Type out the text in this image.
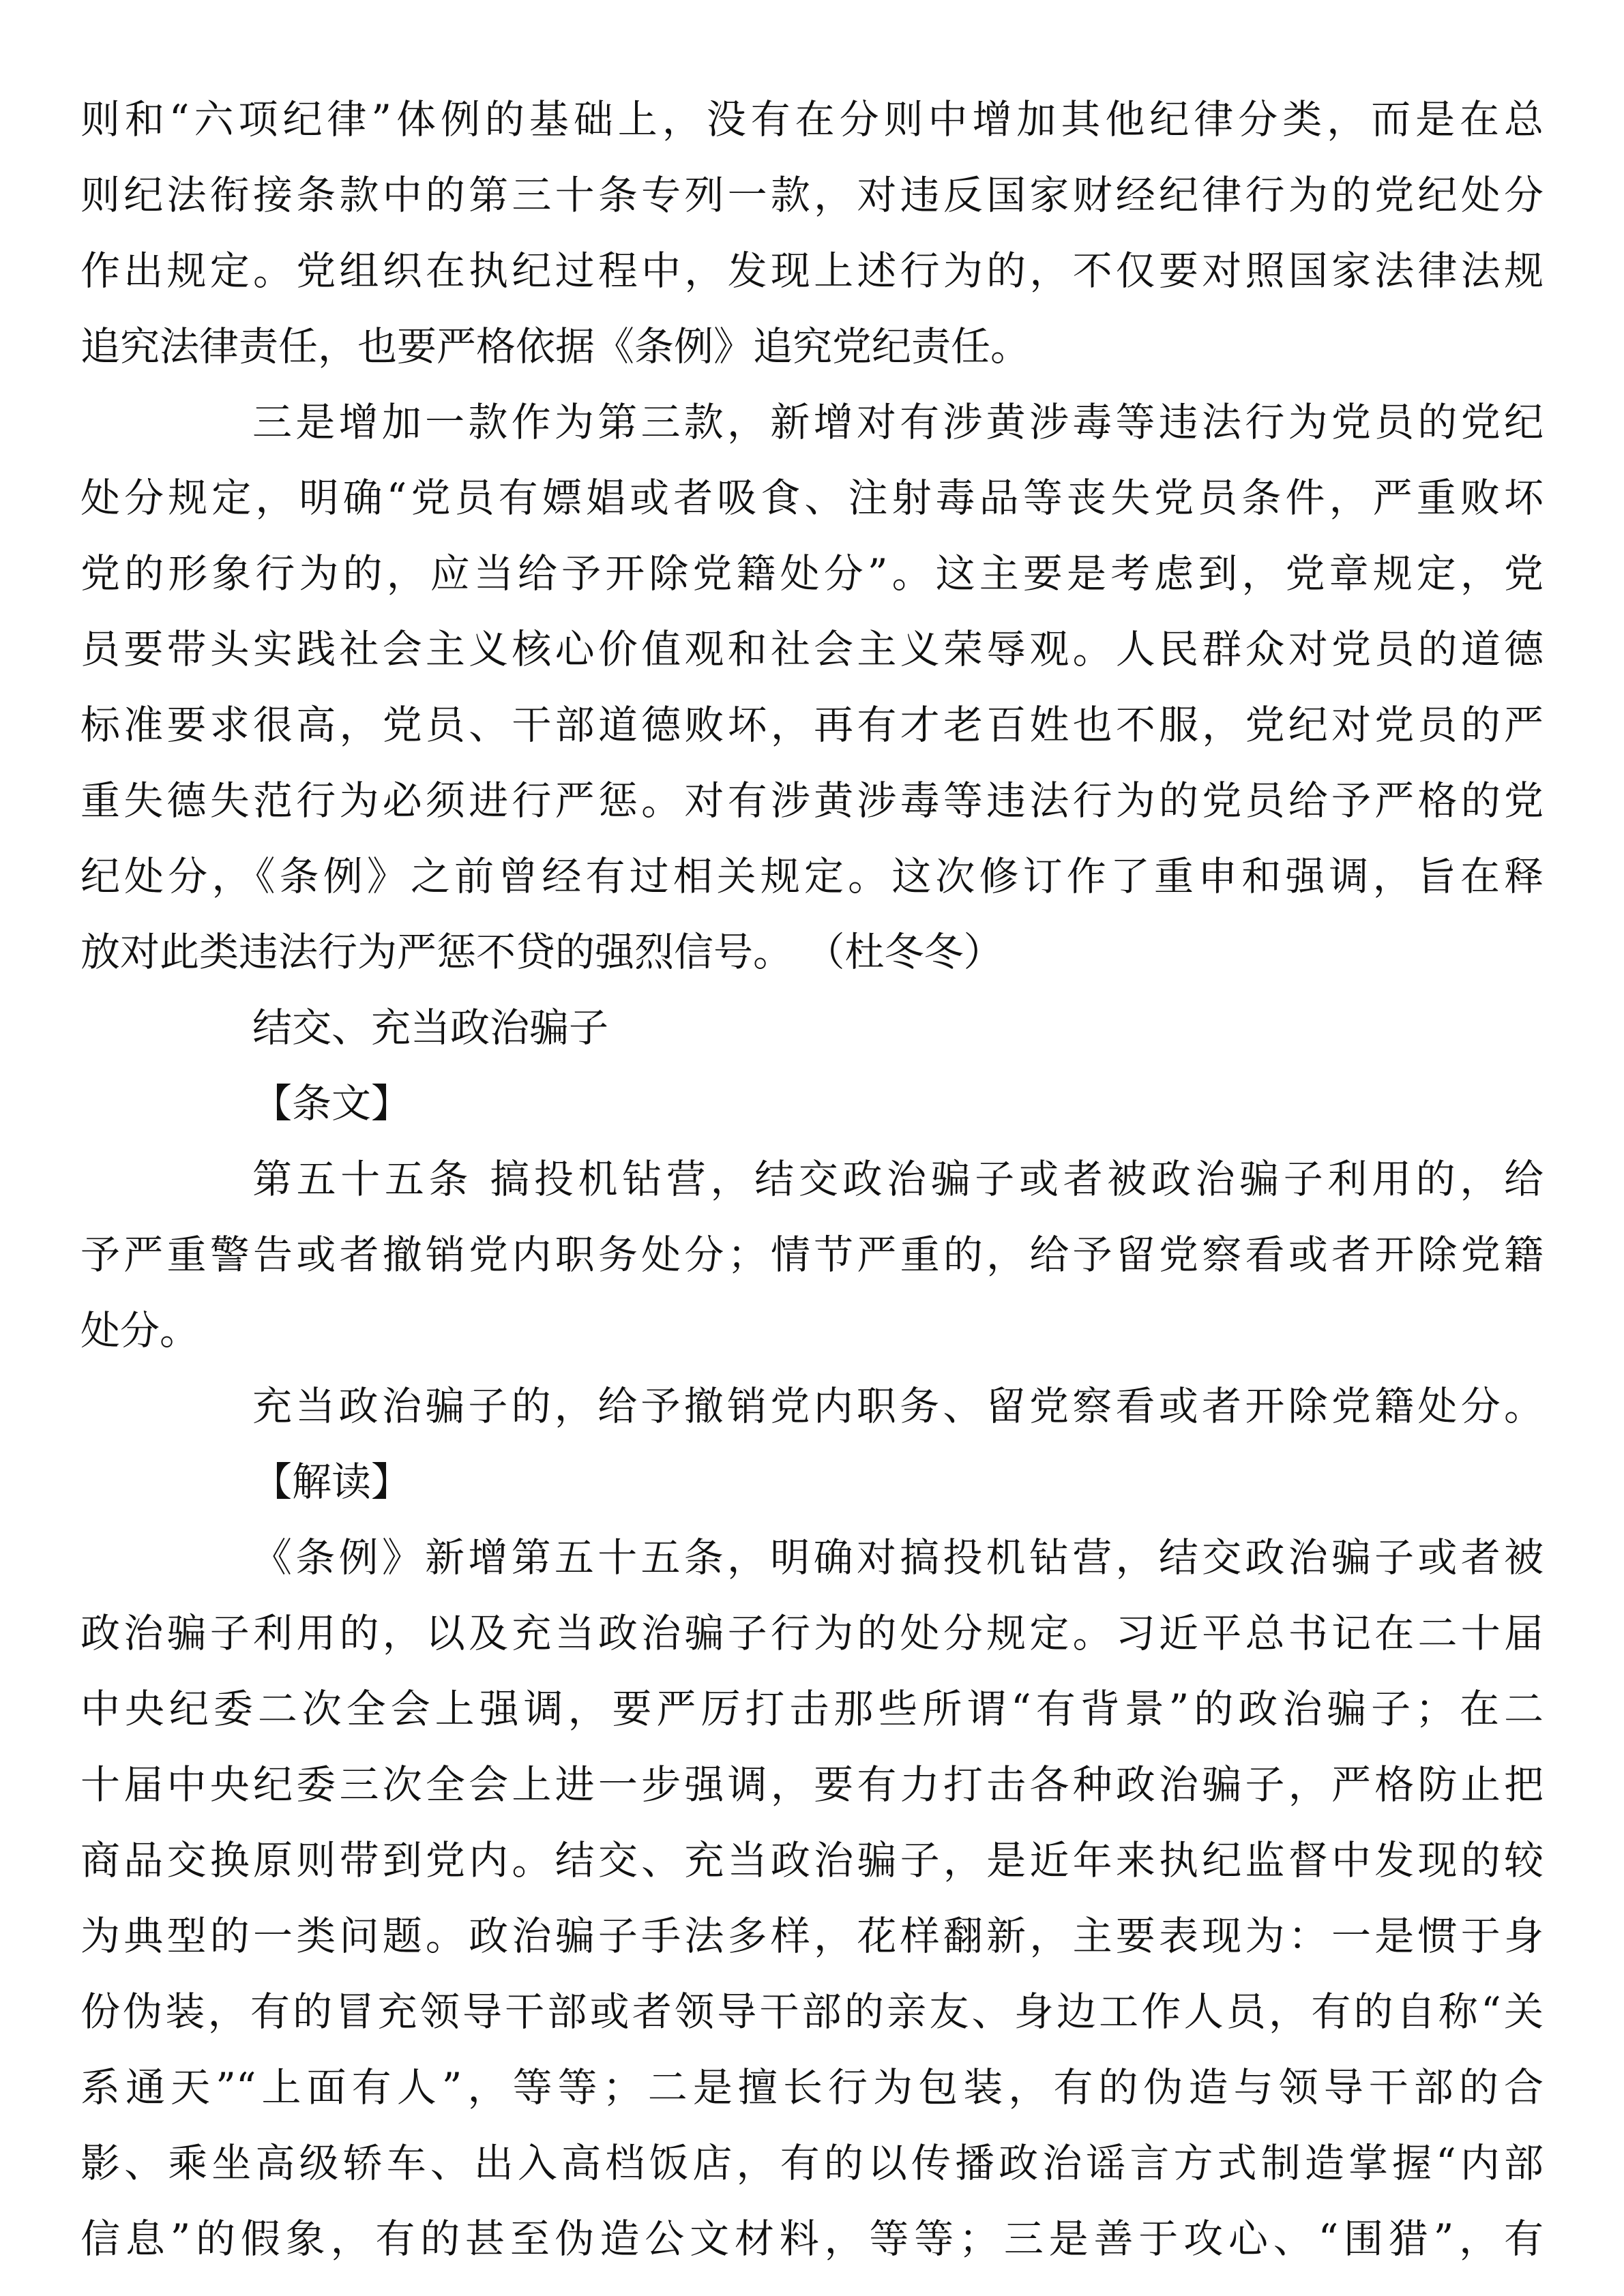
则和“六项纪律”体例的基础上，没有在分则中增加其他纪律分类，而是在总
则纪法衔接条款中的第三十条专列一款，对违反国家财经纪律行为的党纪处分
作出规定。党组织在执纪过程中，发现上述行为的，不仅要对照国家法律法规
追究法律责任，也要严格依据《条例》追究党纪责任。
三是增加一款作为第三款，新增对有涉黄涉毒等违法行为党员的党纪
处分规定，明确“党员有嫖娼或者吸食、注射毒品等丧失党员条件，严重败坏
党的形象行为的，应当给予开除党籍处分”。这主要是考虑到，党章规定，党
员要带头实践社会主义核心价值观和社会主义荣辱观。人民群众对党员的道德
标准要求很高，党员、干部道德败坏，再有才老百姓也不服，党纪对党员的严
重失德失范行为必须进行严惩。对有涉黄涉毒等违法行为的党员给予严格的党
纪处分，《条例》之前曾经有过相关规定。这次修订作了重申和强调，旨在释
放对此类违法行为严惩不贷的强烈信号。 （杜冬冬）
结交、充当政治骗子
【条文】
第五十五条 搞投机钻营，结交政治骗子或者被政治骗子利用的，给
予严重警告或者撤销党内职务处分；情节严重的，给予留党察看或者开除党籍
处分。
充当政治骗子的，给予撤销党内职务、留党察看或者开除党籍处分。
【解读】
《条例》新增第五十五条，明确对搞投机钻营，结交政治骗子或者被
政治骗子利用的，以及充当政治骗子行为的处分规定。习近平总书记在二十届
中央纪委二次全会上强调，要严厉打击那些所谓“有背景”的政治骗子；在二
十届中央纪委三次全会上进一步强调，要有力打击各种政治骗子，严格防止把
商品交换原则带到党内。结交、充当政治骗子，是近年来执纪监督中发现的较
为典型的一类问题。政治骗子手法多样，花样翻新，主要表现为：一是惯于身
份伪装，有的冒充领导干部或者领导干部的亲友、身边工作人员，有的自称“关
系通天”“上面有人”，等等；二是擅长行为包装，有的伪造与领导干部的合
影、乘坐高级轿车、出入高档饭店，有的以传播政治谣言方式制造掌握“内部
信息”的假象，有的甚至伪造公文材料，等等；三是善于攻心、“围猎”，有
